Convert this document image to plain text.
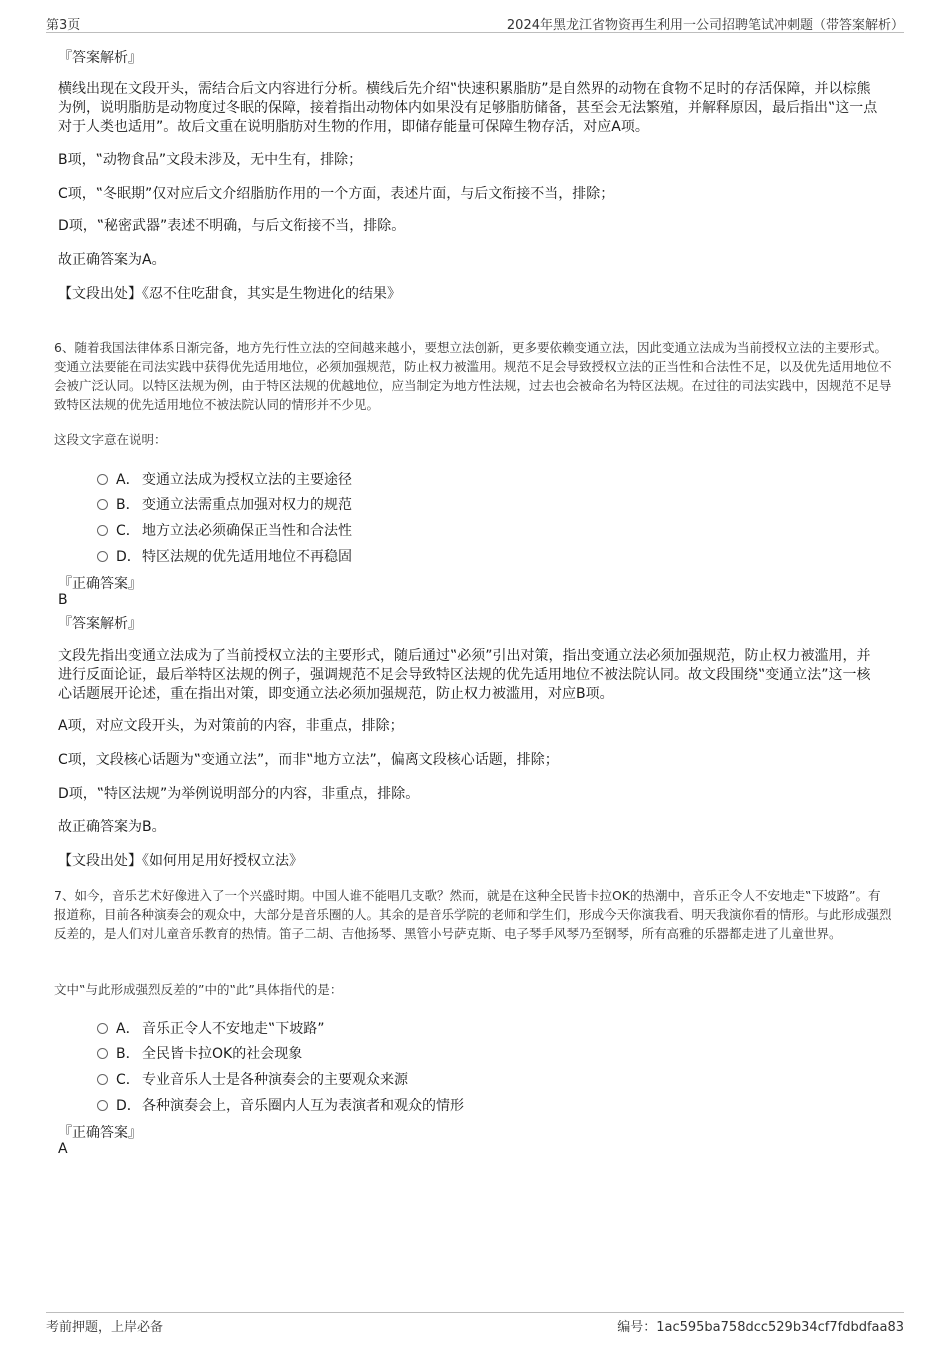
第3页	2024年黑龙江省物资再生利用一公司招聘笔试冲刺题（带答案解析）
『答案解析』
横线出现在文段开头，需结合后文内容进行分析。横线后先介绍‟快速积累脂肪”是自然界的动物在食物不足时的存活保障，并以棕熊为例，说明脂肪是动物度过冬眠的保障，接着指出动物体内如果没有足够脂肪储备，甚至会无法繁殖，并解释原因，最后指出‟这一点对于人类也适用”。故后文重在说明脂肪对生物的作用，即储存能量可保障生物存活，对应A项。
B项，‟动物食品”文段未涉及，无中生有，排除；
C项，‟冬眠期”仅对应后文介绍脂肪作用的一个方面，表述片面，与后文衔接不当，排除；
D项，‟秘密武器”表述不明确，与后文衔接不当，排除。
故正确答案为A。
【文段出处】《忍不住吃甜食，其实是生物进化的结果》
6、随着我国法律体系日渐完备，地方先行性立法的空间越来越小，要想立法创新，更多要依赖变通立法，因此变通立法成为当前授权立法的主要形式。变通立法要能在司法实践中获得优先适用地位，必须加强规范，防止权力被滥用。规范不足会导致授权立法的正当性和合法性不足，以及优先适用地位不会被广泛认同。以特区法规为例，由于特区法规的优越地位，应当制定为地方性法规，过去也会被命名为特区法规。在过往的司法实践中，因规范不足导致特区法规的优先适用地位不被法院认同的情形并不少见。
这段文字意在说明：
A． 变通立法成为授权立法的主要途径
B． 变通立法需重点加强对权力的规范
C． 地方立法必须确保正当性和合法性
D．特区法规的优先适用地位不再稳固
『正确答案』
B
『答案解析』
文段先指出变通立法成为了当前授权立法的主要形式，随后通过‟必须”引出对策，指出变通立法必须加强规范，防止权力被滥用，并进行反面论证，最后举特区法规的例子，强调规范不足会导致特区法规的优先适用地位不被法院认同。故文段围绕‟变通立法”这一核心话题展开论述，重在指出对策，即变通立法必须加强规范，防止权力被滥用，对应B项。
A项，对应文段开头，为对策前的内容，非重点，排除；
C项，文段核心话题为‟变通立法”，而非‟地方立法”，偏离文段核心话题，排除；
D项，‟特区法规”为举例说明部分的内容，非重点，排除。
故正确答案为B。
【文段出处】《如何用足用好授权立法》
7、如今，音乐艺术好像进入了一个兴盛时期。中国人谁不能唱几支歌？然而，就是在这种全民皆卡拉OK的热潮中，音乐正令人不安地走‟下坡路”。有报道称，目前各种演奏会的观众中，大部分是音乐圈的人。其余的是音乐学院的老师和学生们，形成今天你演我看、明天我演你看的情形。与此形成强烈反差的，是人们对儿童音乐教育的热情。笛子二胡、吉他扬琴、黑管小号萨克斯、电子琴手风琴乃至钢琴，所有高雅的乐器都走进了儿童世界。
文中‟与此形成强烈反差的”中的‟此”具体指代的是：
A． 音乐正令人不安地走‟下坡路”
B． 全民皆卡拉OK的社会现象
C． 专业音乐人士是各种演奏会的主要观众来源
D．各种演奏会上，音乐圈内人互为表演者和观众的情形
『正确答案』
A
考前押题，上岸必备	编号：1ac595ba758dcc529b34cf7fdbdfaa83
